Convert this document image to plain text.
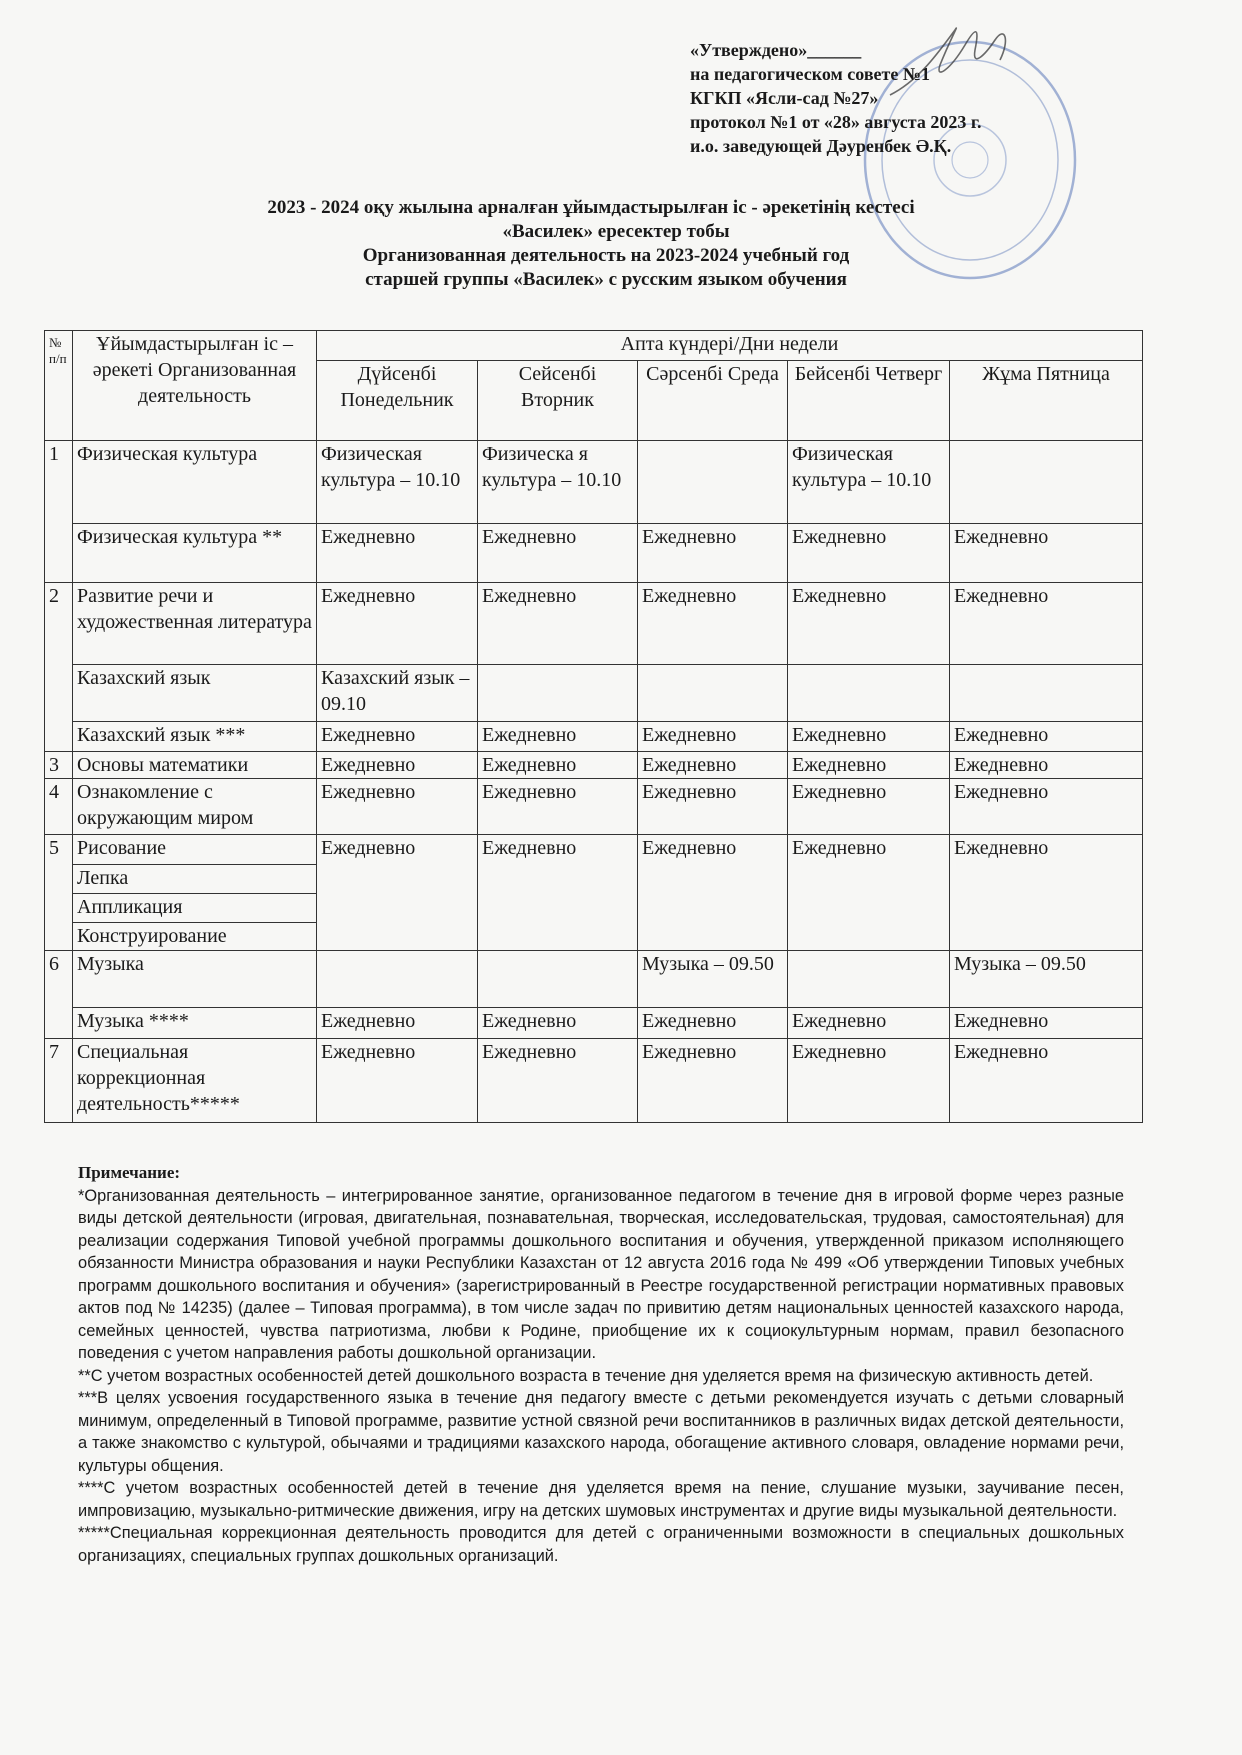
«Утверждено»______
на педагогическом совете №1
КГКП «Ясли-сад №27»
протокол №1 от «28» августа 2023 г.
и.о. заведующей Дәуренбек Ә.Қ.
2023 - 2024 оқу жылына арналған ұйымдастырылған іс - әрекетінің кестесі
«Василек» ересектер тобы
Организованная деятельность на 2023-2024 учебный год
старшей группы «Василек» с русским языком обучения
№ п/п	Ұйымдастырылған іс – әрекеті Организованная деятельность	Апта күндері/Дни недели				
		Дүйсенбі Понедельник	Сейсенбі Вторник	Сәрсенбі Среда	Бейсенбі Четверг	Жұма Пятница
1	Физическая культура	Физическая культура – 10.10	Физическа я культура – 10.10		Физическая культура – 10.10	
	Физическая культура **	Ежедневно	Ежедневно	Ежедневно	Ежедневно	Ежедневно
2	Развитие речи и художественная литература	Ежедневно	Ежедневно	Ежедневно	Ежедневно	Ежедневно
	Казахский язык	Казахский язык – 09.10				
	Казахский язык ***	Ежедневно	Ежедневно	Ежедневно	Ежедневно	Ежедневно
3	Основы математики	Ежедневно	Ежедневно	Ежедневно	Ежедневно	Ежедневно
4	Ознакомление с окружающим миром	Ежедневно	Ежедневно	Ежедневно	Ежедневно	Ежедневно
5	Рисование	Ежедневно	Ежедневно	Ежедневно	Ежедневно	Ежедневно
	Лепка					
	Аппликация					
	Конструирование					
6	Музыка			Музыка – 09.50		Музыка – 09.50
	Музыка ****	Ежедневно	Ежедневно	Ежедневно	Ежедневно	Ежедневно
7	Специальная коррекционная деятельность*****	Ежедневно	Ежедневно	Ежедневно	Ежедневно	Ежедневно

Примечание:

*Организованная деятельность – интегрированное занятие, организованное педагогом в течение дня в игровой форме через разные виды детской деятельности (игровая, двигательная, познавательная, творческая, исследовательская, трудовая, самостоятельная) для реализации содержания Типовой учебной программы дошкольного воспитания и обучения, утвержденной приказом исполняющего обязанности Министра образования и науки Республики Казахстан от 12 августа 2016 года № 499 «Об утверждении Типовых учебных программ дошкольного воспитания и обучения» (зарегистрированный в Реестре государственной регистрации нормативных правовых актов под № 14235) (далее – Типовая программа), в том числе задач по привитию детям национальных ценностей казахского народа, семейных ценностей, чувства патриотизма, любви к Родине, приобщение их к социокультурным нормам, правил безопасного поведения с учетом направления работы дошкольной организации.

**С учетом возрастных особенностей детей дошкольного возраста в течение дня уделяется время на физическую активность детей.

***В целях усвоения государственного языка в течение дня педагогу вместе с детьми рекомендуется изучать с детьми словарный минимум, определенный в Типовой программе, развитие устной связной речи воспитанников в различных видах детской деятельности, а также знакомство с культурой, обычаями и традициями казахского народа, обогащение активного словаря, овладение нормами речи, культуры общения.

****С учетом возрастных особенностей детей в течение дня уделяется время на пение, слушание музыки, заучивание песен, импровизацию, музыкально-ритмические движения, игру на детских шумовых инструментах и другие виды музыкальной деятельности.

*****Специальная коррекционная деятельность проводится для детей с ограниченными возможности в специальных дошкольных организациях, специальных группах дошкольных организаций.
